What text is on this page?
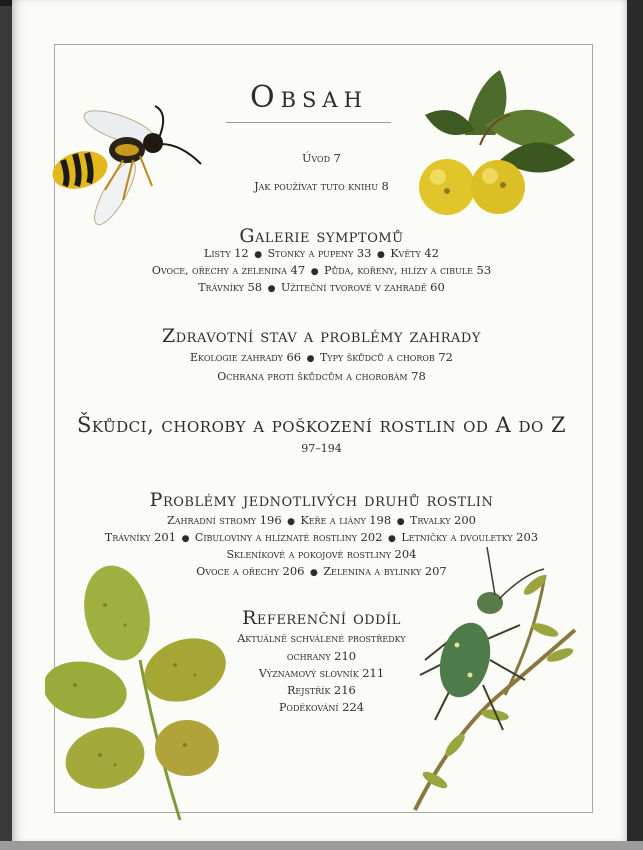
Obsah
Úvod 7
Jak používat tuto knihu 8
Galerie symptomů
Listy 12 ● Stonky a pupeny 33 ● Květy 42
Ovoce, ořechy a zelenina 47 ● Půda, kořeny, hlízy a cibule 53
Trávníky 58 ● Užiteční tvorové v zahradě 60
Zdravotní stav a problémy zahrady
Ekologie zahrady 66 ● Typy škůdců a chorob 72
Ochrana proti škůdcům a chorobám 78
Škůdci, choroby a poškození rostlin od A do Z
97–194
Problémy jednotlivých druhů rostlin
Zahradní stromy 196 ● Keře a liány 198 ● Trvalky 200
Trávníky 201 ● Cibuloviny a hlíznaté rostliny 202 ● Letničky a dvouletky 203
Skleníkové a pokojové rostliny 204
Ovoce a ořechy 206 ● Zelenina a bylinky 207
Referenční oddíl
Aktuálně schválené prostředky
ochrany 210
Významový slovník 211
Rejstřík 216
Poděkování 224
